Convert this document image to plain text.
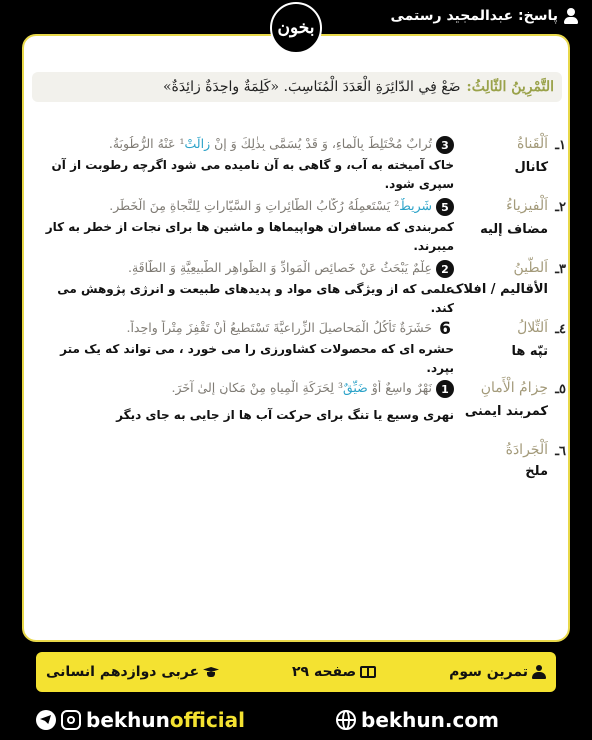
پاسخ: عبدالمجید رستمی
بخون
التَّمْرِينُ الثّالِثُ:
ضَعْ فِي الدّائِرَةِ الْعَدَدَ الْمُنَاسِبَ. «كَلِمَةٌ واحِدَةٌ زائِدَةٌ»
١ـ
اَلْقَناةُ
کانال
3
تُرابٌ مُخْتَلِطٌ بِالْماءِ، وَ قَدْ يُسَمَّى بِذٰلِكَ وَ إِنْ زالَتْ¹ عَنْهُ الرُّطُوبَةُ.
خاک آمیخته به آب، و گاهی به آن نامیده می شود اگرچه رطوبت از آن سپری شود.
٢ـ
اَلْفيزياءُ
مضاف إلیه
5
شَريطٌ² يَسْتَعمِلُهُ رُكّابُ الطّائِراتِ وَ السَّيّاراتِ لِلنَّجاةِ مِنَ الْخَطَرِ.
کمربندی که مسافران هواپیماها و ماشین ها برای نجات از خطر به کار میبرند.
٣ـ
اَلطّينُ
الأقالیم / افلاک
2
عِلْمٌ يَبْحَثُ عَنْ خَصائِصِ الْمَوادِّ وَ الظَّواهِرِ الطَّبيعِيَّةِ وَ الطّاقَةِ.
علمی که از ویژگی های مواد و پدیدهای طبیعت و انرژی پژوهش می کند.
٤ـ
اَلتِّلالُ
تپّه ها
6
حَشَرَةٌ تَأْكُلُ الْمَحاصيلَ الزِّراعيَّةَ تَسْتَطيعُ أَنْ تَقْفِزَ مِتْراً واحِداً.
حشره ای که محصولات کشاورزی را می خورد ، می تواند که یک متر بپرد.
٥ـ
حِزامُ الْأَمانِ
کمربند ایمنی
1
نَهْرٌ واسِعٌ أَوْ ضَيِّقٌ³ لِحَرَكَةِ الْمِياهِ مِنْ مَكانٍ إِلىٰ آخَرَ.
نهری وسیع یا تنگ برای حرکت آب ها از جایی به جای دیگر
٦ـ
اَلْجَرادَةُ
ملخ
تمرین سوم
صفحه ٢٩
عربی دوازدهم انسانی
bekhunofficial	bekhun.com
